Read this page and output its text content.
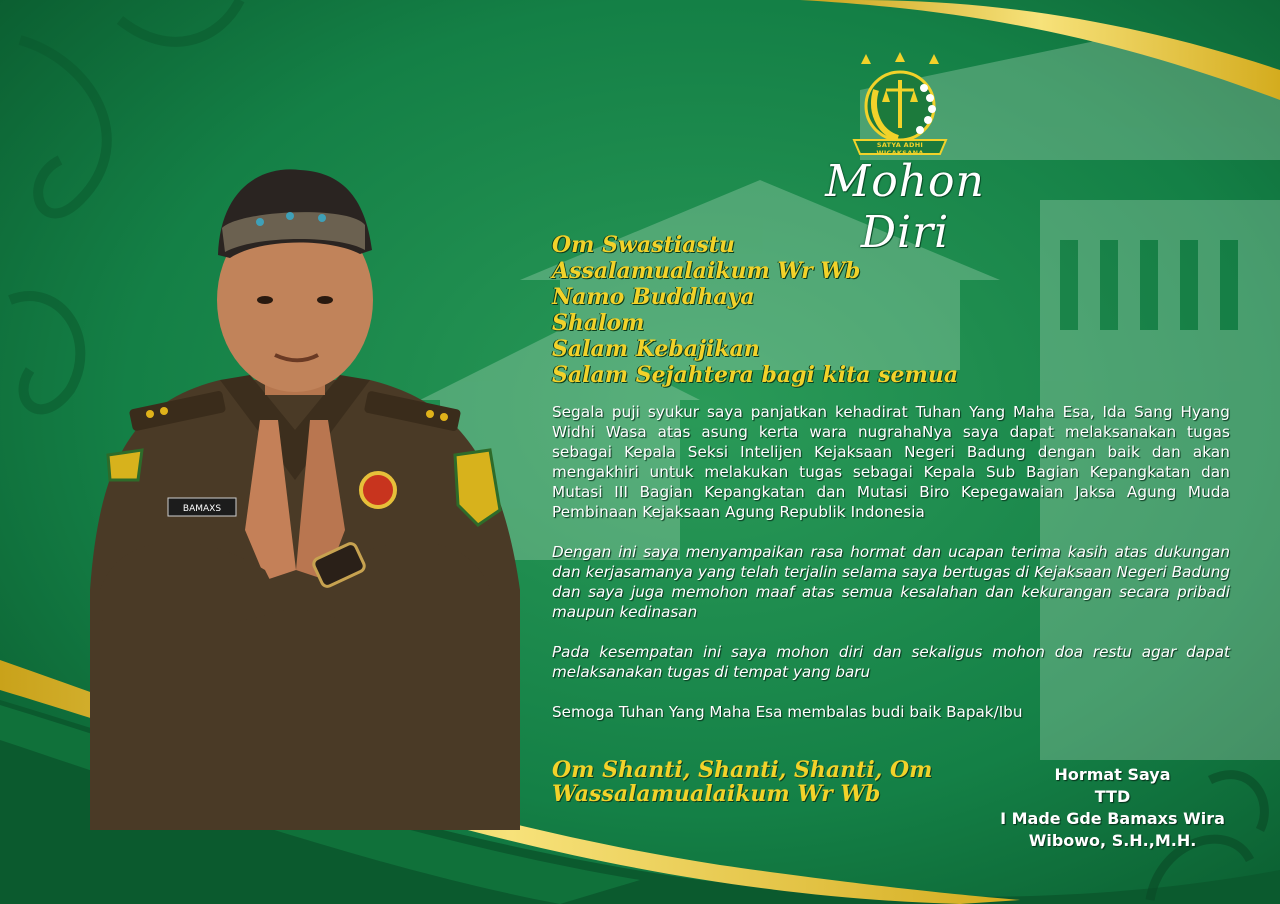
SATYA ADHI WICAKSANA
Mohon Diri
BAMAXS
Om Swastiastu
Assalamualaikum Wr Wb
Namo Buddhaya
Shalom
Salam Kebajikan
Salam Sejahtera bagi kita semua

Segala puji syukur saya panjatkan kehadirat Tuhan Yang Maha Esa, Ida Sang Hyang Widhi Wasa atas asung kerta wara nugrahaNya saya dapat melaksanakan tugas sebagai Kepala Seksi Intelijen Kejaksaan Negeri Badung dengan baik dan akan mengakhiri untuk melakukan tugas sebagai Kepala Sub Bagian Kepangkatan dan Mutasi III Bagian Kepangkatan dan Mutasi Biro Kepegawaian Jaksa Agung Muda Pembinaan Kejaksaan Agung Republik Indonesia

Dengan ini saya menyampaikan rasa hormat dan ucapan terima kasih atas dukungan dan kerjasamanya yang telah terjalin selama saya bertugas di Kejaksaan Negeri Badung dan saya juga memohon maaf atas semua kesalahan dan kekurangan secara pribadi maupun kedinasan

Pada kesempatan ini saya mohon diri dan sekaligus mohon doa restu agar dapat melaksanakan tugas di tempat yang baru

Semoga Tuhan Yang Maha Esa membalas budi baik Bapak/Ibu

Om Shanti, Shanti, Shanti, Om
Wassalamualaikum Wr Wb
Hormat Saya
TTD
I Made Gde Bamaxs Wira
Wibowo, S.H.,M.H.
